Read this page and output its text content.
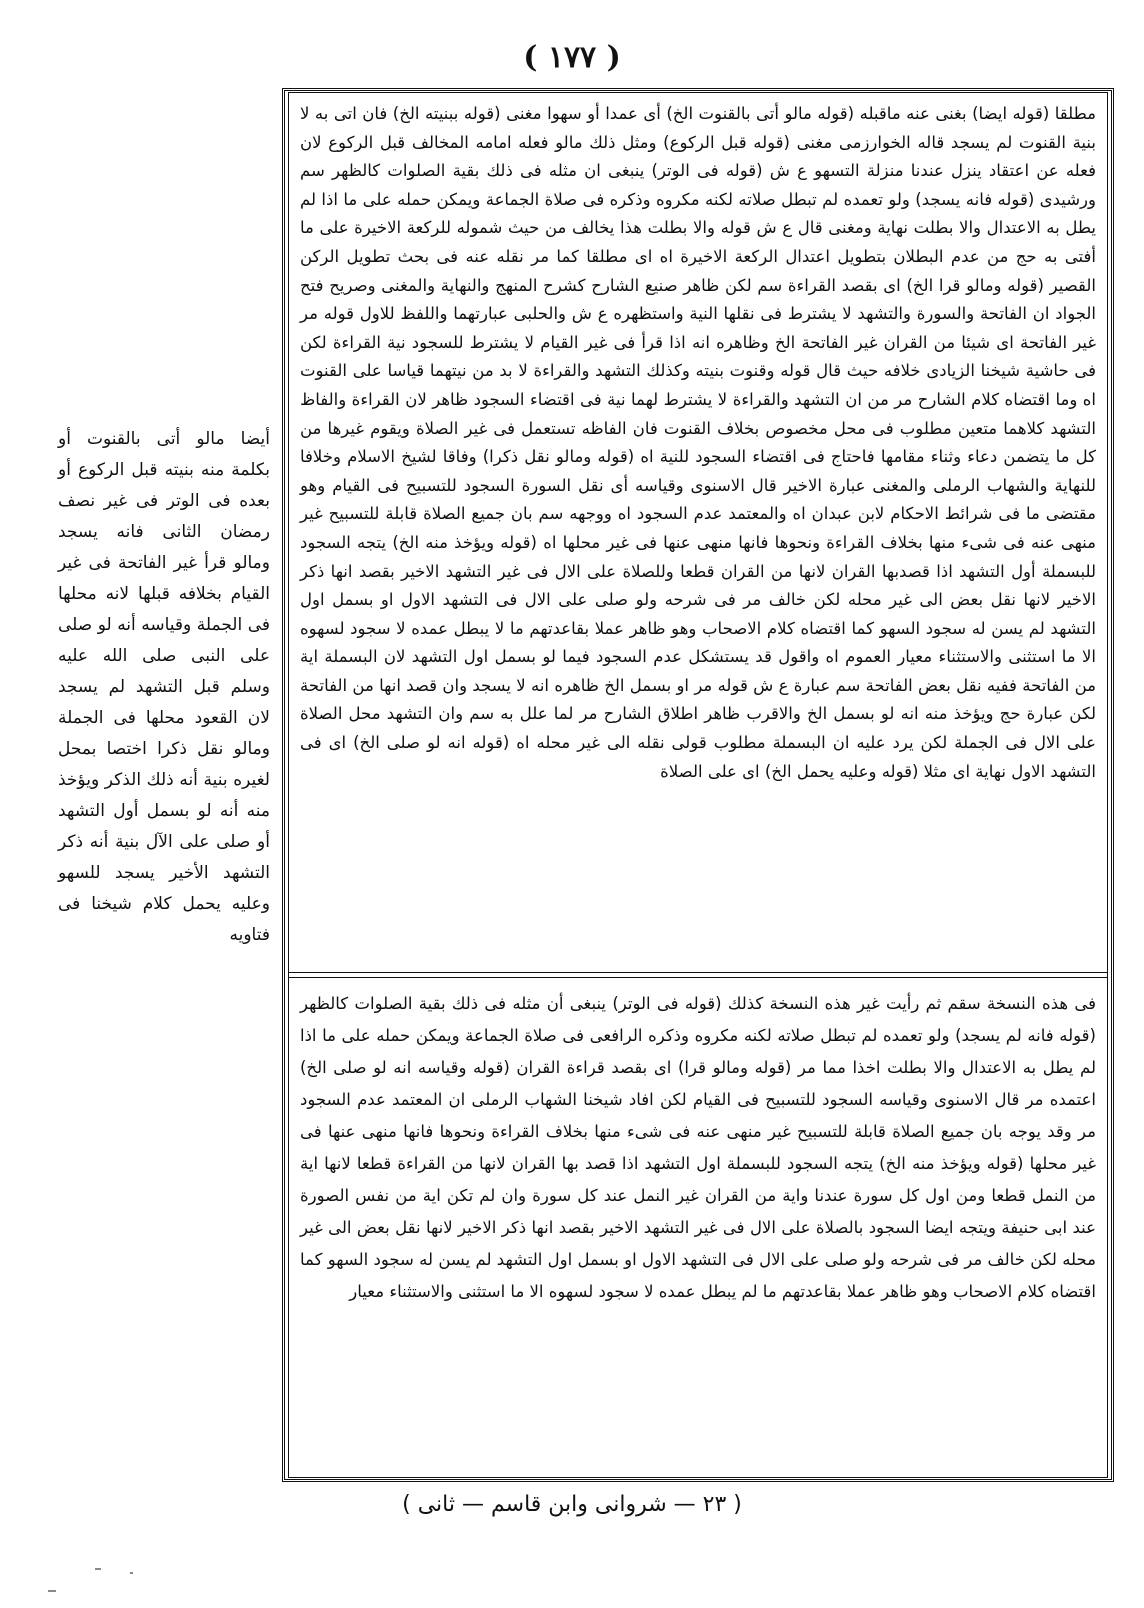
( ١٧٧ )
مطلقا (قوله ايضا) بغنى عنه ماقبله (قوله مالو أتى بالقنوت الخ) أى عمدا أو سهوا مغنى (قوله ببنيته الخ) فان اتى به لا بنية القنوت لم يسجد قاله الخوارزمى مغنى (قوله قبل الركوع) ومثل ذلك مالو فعله امامه المخالف قبل الركوع لان فعله عن اعتقاد ينزل عندنا منزلة التسهو ع ش (قوله فى الوتر) ينبغى ان مثله فى ذلك بقية الصلوات كالظهر سم ورشيدى (قوله فانه يسجد) ولو تعمده لم تبطل صلاته لكنه مكروه وذكره فى صلاة الجماعة ويمكن حمله على ما اذا لم يطل به الاعتدال والا بطلت نهاية ومغنى قال ع ش قوله والا بطلت هذا يخالف من حيث شموله للركعة الاخيرة على ما أفتى به حج من عدم البطلان بتطويل اعتدال الركعة الاخيرة اه اى مطلقا كما مر نقله عنه فى بحث تطويل الركن القصير (قوله ومالو قرا الخ) اى بقصد القراءة سم لكن ظاهر صنيع الشارح كشرح المنهج والنهاية والمغنى وصريح فتح الجواد ان الفاتحة والسورة والتشهد لا يشترط فى نقلها النية واستظهره ع ش والحلبى عبارتهما واللفظ للاول قوله مر غير الفاتحة اى شيئا من القران غير الفاتحة الخ وظاهره انه اذا قرأ فى غير القيام لا يشترط للسجود نية القراءة لكن فى حاشية شيخنا الزيادى خلافه حيث قال قوله وقنوت بنيته وكذلك التشهد والقراءة لا بد من نيتهما قياسا على القنوت اه وما اقتضاه كلام الشارح مر من ان التشهد والقراءة لا يشترط لهما نية فى اقتضاء السجود ظاهر لان القراءة والفاظ التشهد كلاهما متعين مطلوب فى محل مخصوص بخلاف القنوت فان الفاظه تستعمل فى غير الصلاة ويقوم غيرها من كل ما يتضمن دعاء وثناء مقامها فاحتاج فى اقتضاء السجود للنية اه (قوله ومالو نقل ذكرا) وفاقا لشيخ الاسلام وخلافا للنهاية والشهاب الرملى والمغنى عبارة الاخير قال الاسنوى وقياسه أى نقل السورة السجود للتسبيح فى القيام وهو مقتضى ما فى شرائط الاحكام لابن عبدان اه والمعتمد عدم السجود اه ووجهه سم بان جميع الصلاة قابلة للتسبيح غير منهى عنه فى شىء منها بخلاف القراءة ونحوها فانها منهى عنها فى غير محلها اه (قوله ويؤخذ منه الخ) يتجه السجود للبسملة أول التشهد اذا قصدبها القران لانها من القران قطعا وللصلاة على الال فى غير التشهد الاخير بقصد انها ذكر الاخير لانها نقل بعض الى غير محله لكن خالف مر فى شرحه ولو صلى على الال فى التشهد الاول او بسمل اول التشهد لم يسن له سجود السهو كما اقتضاه كلام الاصحاب وهو ظاهر عملا بقاعدتهم ما لا يبطل عمده لا سجود لسهوه الا ما استثنى والاستثناء معيار العموم اه واقول قد يستشكل عدم السجود فيما لو بسمل اول التشهد لان البسملة اية من الفاتحة ففيه نقل بعض الفاتحة سم عبارة ع ش قوله مر او بسمل الخ ظاهره انه لا يسجد وان قصد انها من الفاتحة لكن عبارة حج ويؤخذ منه انه لو بسمل الخ والاقرب ظاهر اطلاق الشارح مر لما علل به سم وان التشهد محل الصلاة على الال فى الجملة لكن يرد عليه ان البسملة مطلوب قولى نقله الى غير محله اه (قوله انه لو صلى الخ) اى فى التشهد الاول نهاية اى مثلا (قوله وعليه يحمل الخ) اى على الصلاة
فى هذه النسخة سقم ثم رأيت غير هذه النسخة كذلك (قوله فى الوتر) ينبغى أن مثله فى ذلك بقية الصلوات كالظهر (قوله فانه لم يسجد) ولو تعمده لم تبطل صلاته لكنه مكروه وذكره الرافعى فى صلاة الجماعة ويمكن حمله على ما اذا لم يطل به الاعتدال والا بطلت اخذا مما مر (قوله ومالو قرا) اى بقصد قراءة القران (قوله وقياسه انه لو صلى الخ) اعتمده مر قال الاسنوى وقياسه السجود للتسبيح فى القيام لكن افاد شيخنا الشهاب الرملى ان المعتمد عدم السجود مر وقد يوجه بان جميع الصلاة قابلة للتسبيح غير منهى عنه فى شىء منها بخلاف القراءة ونحوها فانها منهى عنها فى غير محلها (قوله ويؤخذ منه الخ) يتجه السجود للبسملة اول التشهد اذا قصد بها القران لانها من القراءة قطعا لانها اية من النمل قطعا ومن اول كل سورة عندنا واية من القران غير النمل عند كل سورة وان لم تكن اية من نفس الصورة عند ابى حنيفة ويتجه ايضا السجود بالصلاة على الال فى غير التشهد الاخير بقصد انها ذكر الاخير لانها نقل بعض الى غير محله لكن خالف مر فى شرحه ولو صلى على الال فى التشهد الاول او بسمل اول التشهد لم يسن له سجود السهو كما اقتضاه كلام الاصحاب وهو ظاهر عملا بقاعدتهم ما لم يبطل عمده لا سجود لسهوه الا ما استثنى والاستثناء معيار
أيضا مالو أتى بالقنوت أو بكلمة منه بنيته قبل الركوع أو بعده فى الوتر فى غير نصف رمضان الثانى فانه يسجد ومالو قرأ غير الفاتحة فى غير القيام بخلافه قبلها لانه محلها فى الجملة وقياسه أنه لو صلى على النبى صلى الله عليه وسلم قبل التشهد لم يسجد لان القعود محلها فى الجملة ومالو نقل ذكرا اختصا بمحل لغيره بنية أنه ذلك الذكر ويؤخذ منه أنه لو بسمل أول التشهد أو صلى على الآل بنية أنه ذكر التشهد الأخير يسجد للسهو وعليه يحمل كلام شيخنا فى فتاويه
( ٢٣ — شروانى وابن قاسم — ثانى )
